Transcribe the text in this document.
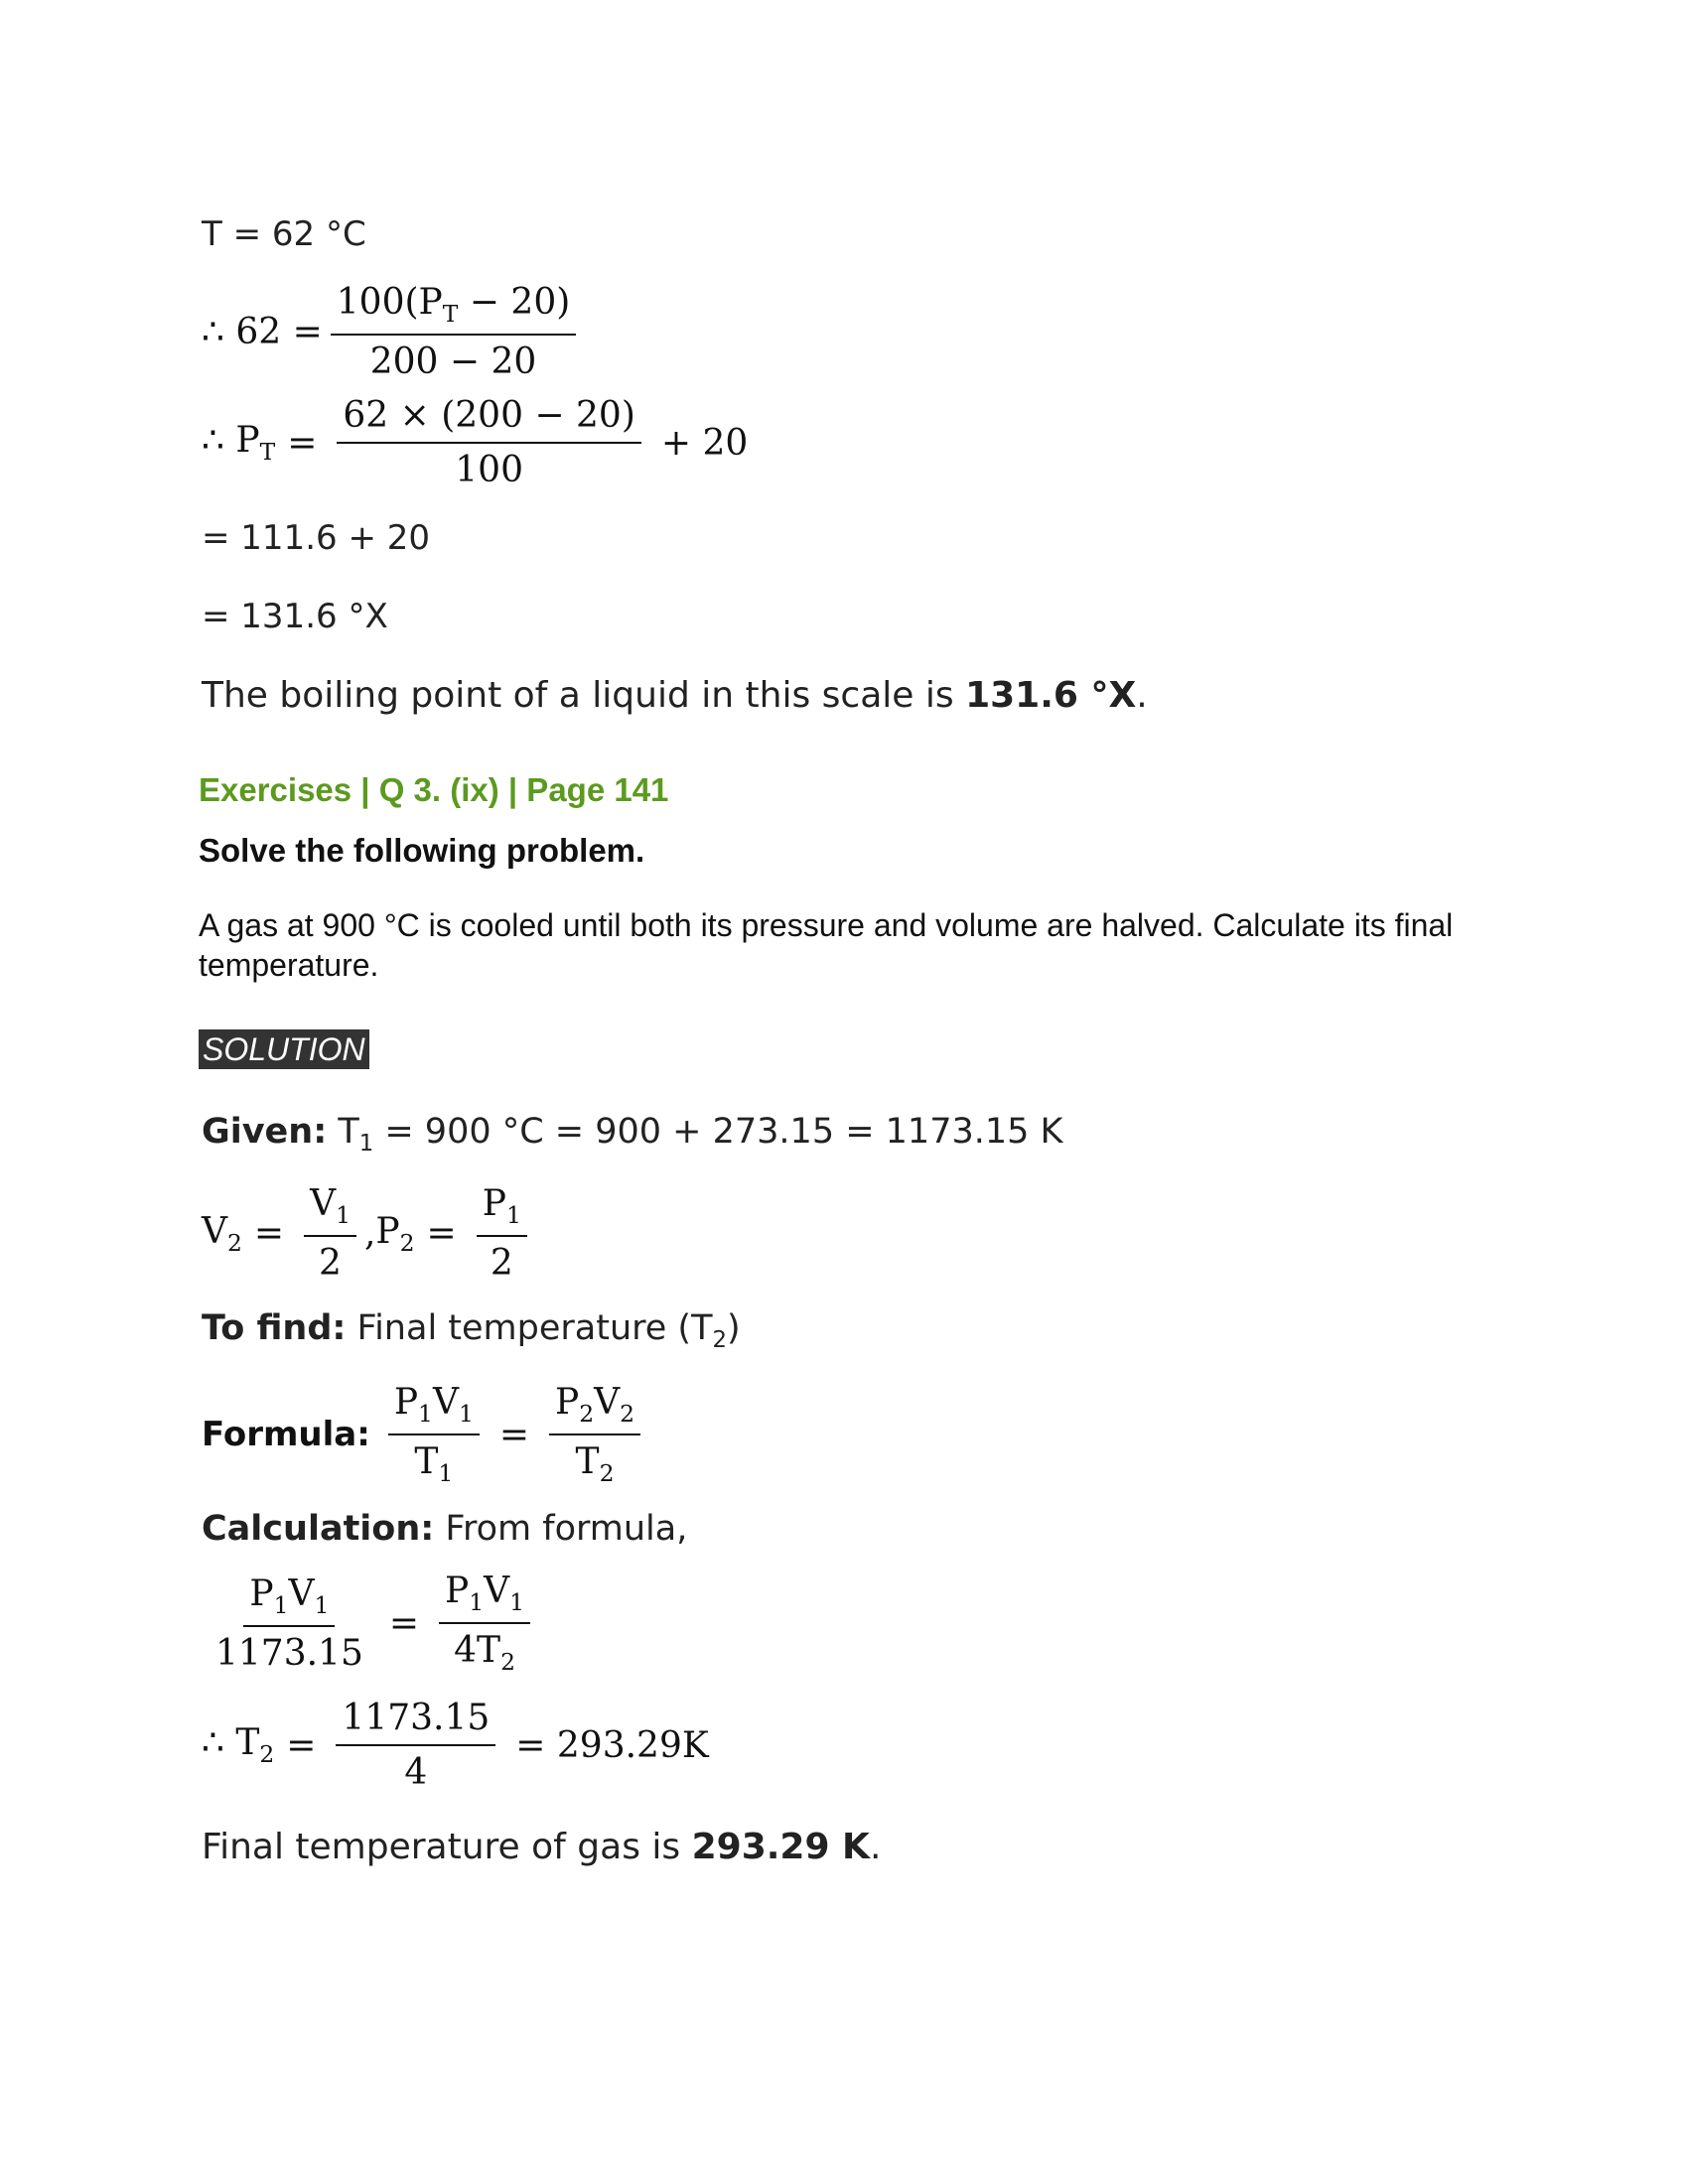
T = 62 °C
∴ $62 = \frac{100(P_T - 20)}{200 - 20}$
∴ $P_T = \frac{62 \times (200 - 20)}{100} + 20$
= 111.6 + 20
= 131.6 °X
The boiling point of a liquid in this scale is 131.6 °X.
Exercises | Q 3. (ix) | Page 141
Solve the following problem.
A gas at 900 °C is cooled until both its pressure and volume are halved. Calculate its final temperature.
SOLUTION
Given: $T_1 = 900$ °C = 900 + 273.15 = 1173.15 K
$V_2 = \frac{V_1}{2}$ , $P_2 = \frac{P_1}{2}$
To find: Final temperature $(T_2)$
Formula: $\frac{P_1V_1}{T_1} = \frac{P_2V_2}{T_2}$
Calculation: From formula,
$\frac{P_1V_1}{1173.15} = \frac{P_1V_1}{4T_2}$
∴ $T_2 = \frac{1173.15}{4} = 293.29K$
Final temperature of gas is 293.29 K.
